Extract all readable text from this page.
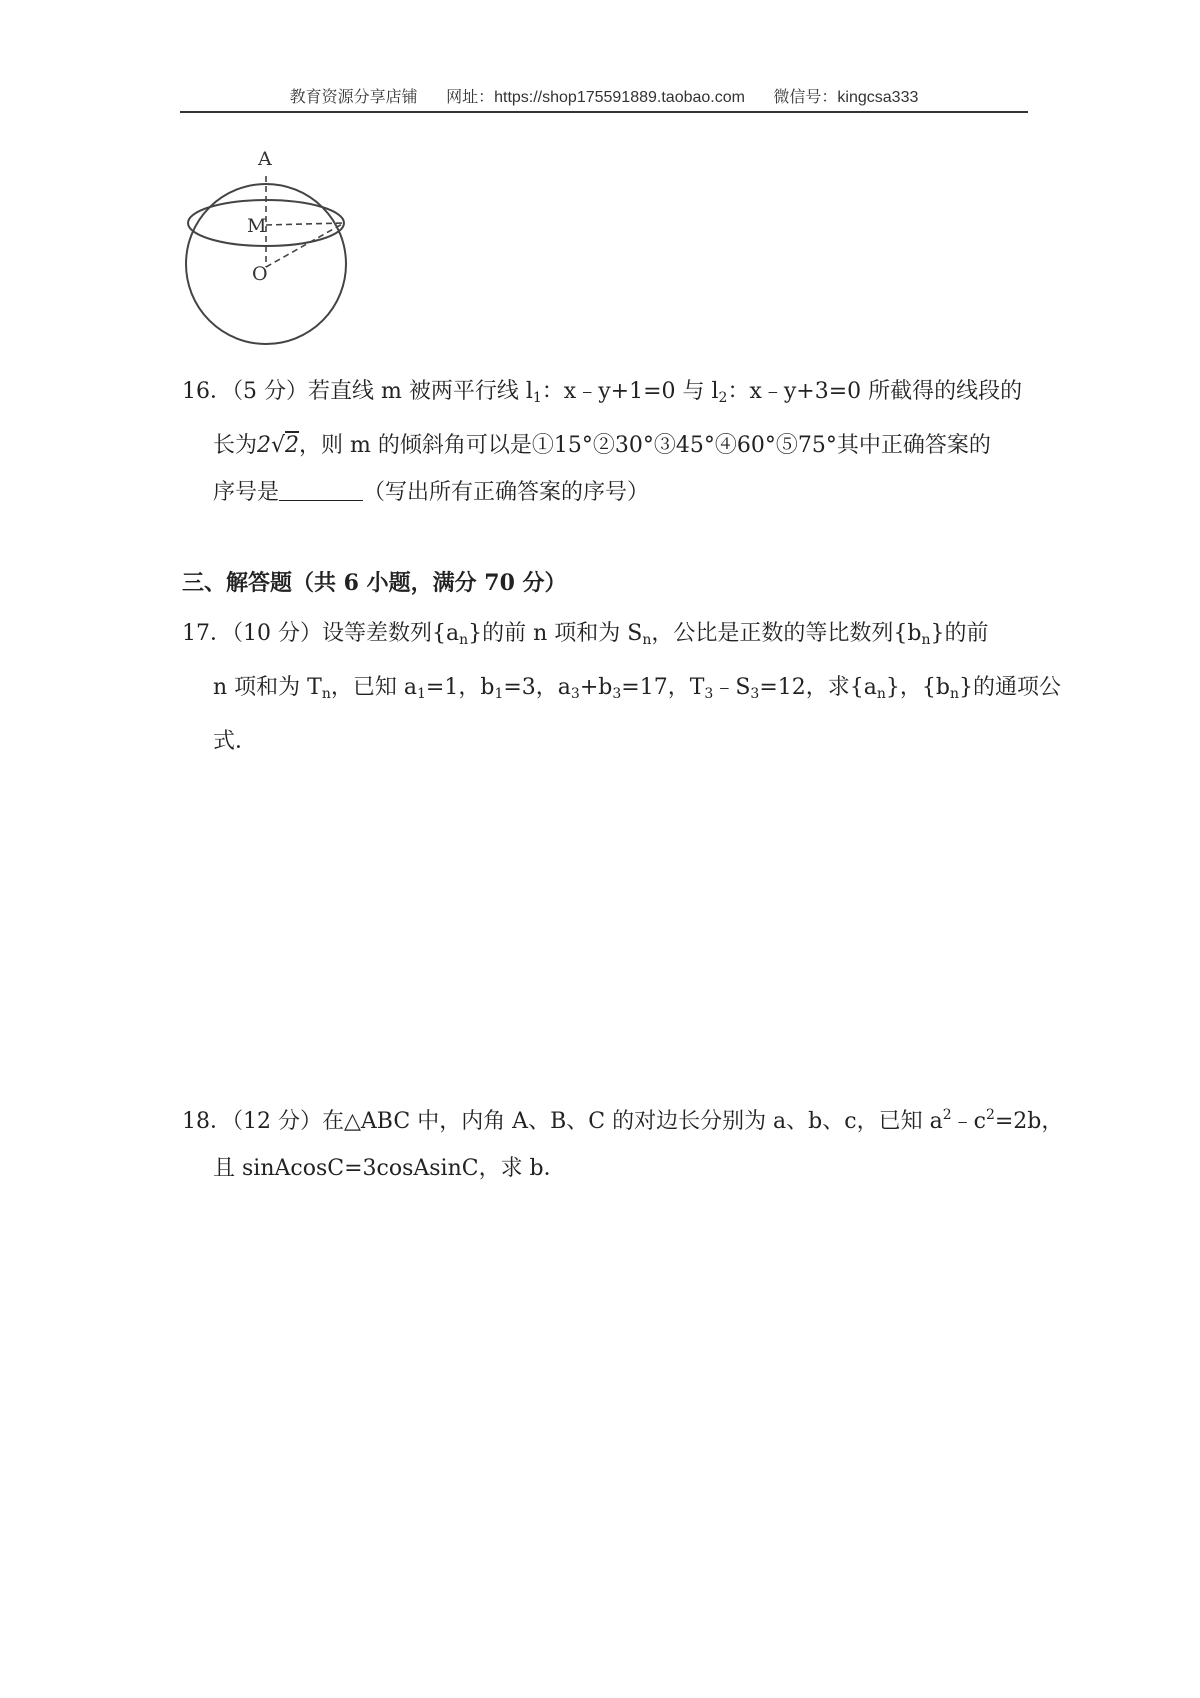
教育资源分享店铺 网址：https://shop175591889.taobao.com 微信号：kingcsa333
A
M
O
16．（5 分）若直线 m 被两平行线 $l_1$：x﹣y+1=0 与 $l_2$：x﹣y+3=0 所截得的线段的
长为2√2，则 m 的倾斜角可以是①15°②30°③45°④60°⑤75°其中正确答案的
序号是	（写出所有正确答案的序号）
三、解答题（共 6 小题，满分 70 分）
17．（10 分）设等差数列$\{a_n\}$的前 n 项和为 $S_n$，公比是正数的等比数列$\{b_n\}$的前
n 项和为 $T_n$，已知 $a_1=1$，$b_1=3$，$a_3+b_3=17$，$T_3﹣S_3=12$，求$\{a_n\}$，$\{b_n\}$的通项公
式．
18．（12 分）在△ABC 中，内角 A、B、C 的对边长分别为 a、b、c，已知 $a^2﹣c^2=2b$，
且 sinAcosC=3cosAsinC，求 b．
